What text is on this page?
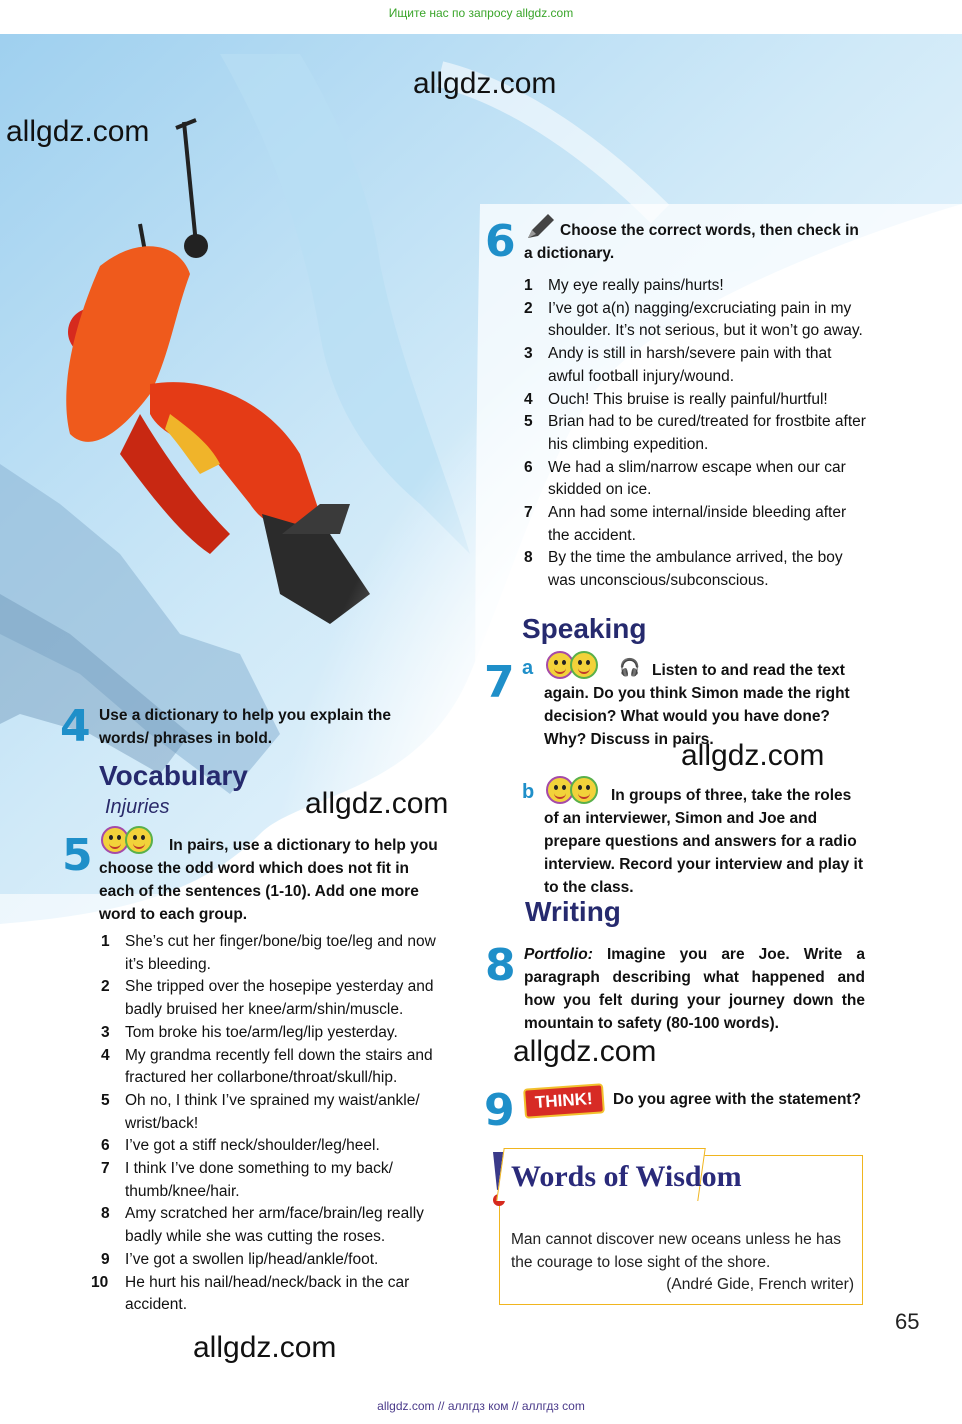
Ищите нас по запросу allgdz.com
allgdz.com
allgdz.com
allgdz.com
allgdz.com
allgdz.com
allgdz.com
4 Use a dictionary to help you explain the words/ phrases in bold.
Vocabulary
Injuries
5	In pairs, use a dictionary to help you choose the odd word which does not fit in each of the sentences (1-10). Add one more word to each group.
1 She’s cut her finger/bone/big toe/leg and now it’s bleeding.
2 She tripped over the hosepipe yesterday and badly bruised her knee/arm/shin/muscle.
3 Tom broke his toe/arm/leg/lip yesterday.
4 My grandma recently fell down the stairs and fractured her collarbone/throat/skull/hip.
5 Oh no, I think I’ve sprained my waist/ankle/ wrist/back!
6 I’ve got a stiff neck/shoulder/leg/heel.
7 I think I’ve done something to my back/ thumb/knee/hair.
8 Amy scratched her arm/face/brain/leg really badly while she was cutting the roses.
9 I’ve got a swollen lip/head/ankle/foot.
10 He hurt his nail/head/neck/back in the car accident.
6	Choose the correct words, then check in a dictionary.
1 My eye really pains/hurts!
2 I’ve got a(n) nagging/excruciating pain in my shoulder. It’s not serious, but it won’t go away.
3 Andy is still in harsh/severe pain with that awful football injury/wound.
4 Ouch! This bruise is really painful/hurtful!
5 Brian had to be cured/treated for frostbite after his climbing expedition.
6 We had a slim/narrow escape when our car skidded on ice.
7 Ann had some internal/inside bleeding after the accident.
8 By the time the ambulance arrived, the boy was unconscious/subconscious.
Speaking
7 a	🎧 Listen to and read the text again. Do you think Simon made the right decision? What would you have done? Why? Discuss in pairs.
b	In groups of three, take the roles of an interviewer, Simon and Joe and prepare questions and answers for a radio interview. Record your interview and play it to the class.
Writing
8 Portfolio: Imagine you are Joe. Write a paragraph describing what happened and how you felt during your journey down the mountain to safety (80-100 words).
9	THINK!	Do you agree with the statement?
Words of Wisdom
Man cannot discover new oceans unless he has the courage to lose sight of the shore.
(André Gide, French writer)
65
allgdz.com // аллгдз ком // аллгдз com
